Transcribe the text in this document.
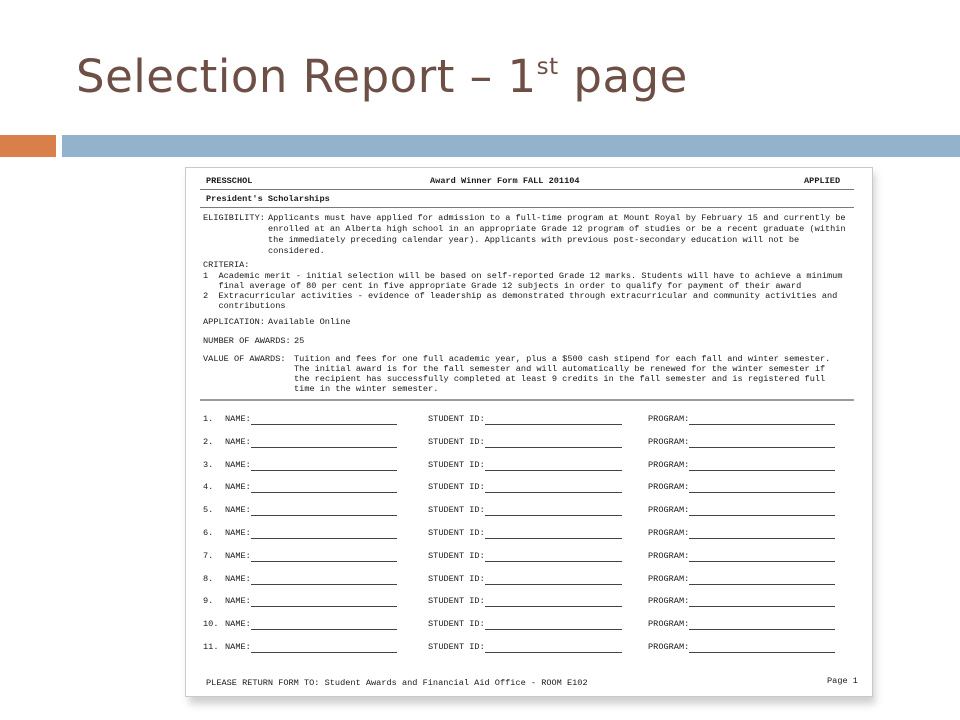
Selection Report – 1st page
PRESSCHOL	Award Winner Form FALL 201104	APPLIED
President's Scholarships
ELIGIBILITY: Applicants must have applied for admission to a full-time program at Mount Royal by February 15 and currently be
enrolled at an Alberta high school in an appropriate Grade 12 program of studies or be a recent graduate (within
the immediately preceding calendar year). Applicants with previous post-secondary education will not be
considered.
CRITERIA:
1  Academic merit - initial selection will be based on self-reported Grade 12 marks. Students will have to achieve a minimum
final average of 80 per cent in five appropriate Grade 12 subjects in order to qualify for payment of their award
2  Extracurricular activities - evidence of leadership as demonstrated through extracurricular and community activities and
contributions
APPLICATION: Available Online
NUMBER OF AWARDS: 25
VALUE OF AWARDS: Tuition and fees for one full academic year, plus a $500 cash stipend for each fall and winter semester.
The initial award is for the fall semester and will automatically be renewed for the winter semester if
the recipient has successfully completed at least 9 credits in the fall semester and is registered full
time in the winter semester.
1. NAME:	STUDENT ID:	PROGRAM:
2. NAME:	STUDENT ID:	PROGRAM:
3. NAME:	STUDENT ID:	PROGRAM:
4. NAME:	STUDENT ID:	PROGRAM:
5. NAME:	STUDENT ID:	PROGRAM:
6. NAME:	STUDENT ID:	PROGRAM:
7. NAME:	STUDENT ID:	PROGRAM:
8. NAME:	STUDENT ID:	PROGRAM:
9. NAME:	STUDENT ID:	PROGRAM:
10. NAME:	STUDENT ID:	PROGRAM:
11. NAME:	STUDENT ID:	PROGRAM:
PLEASE RETURN FORM TO: Student Awards and Financial Aid Office - ROOM E102	Page 1
